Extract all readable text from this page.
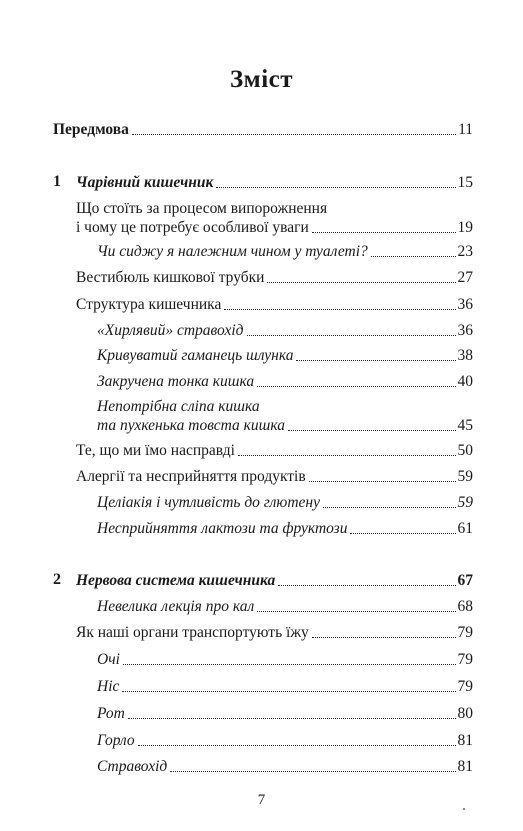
Зміст
Передмова	11
1 Чарівний кишечник	15
Що стоїть за процесом випорожнення
і чому це потребує особливої уваги	19
Чи сиджу я належним чином у туалеті?	23
Вестибюль кишкової трубки	27
Структура кишечника	36
«Хирлявий» стравохід	36
Кривуватий гаманець шлунка	38
Закручена тонка кишка	40
Непотрібна сліпа кишка
та пухкенька товста кишка	45
Те, що ми їмо насправді	50
Алергії та несприйняття продуктів	59
Целіакія і чутливість до глютену	59
Несприйняття лактози та фруктози	61
2 Нервова система кишечника	67
Невелика лекція про кал	68
Як наші органи транспортують їжу	79
Очі	79
Ніс	79
Рот	80
Горло	81
Стравохід	81
7
